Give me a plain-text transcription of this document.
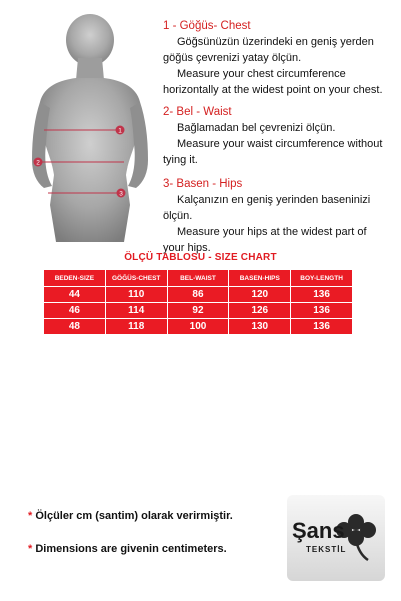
1
2
3
1 - Göğüs- Chest
Göğsünüzün üzerindeki en geniş yerden
göğüs çevrenizi yatay ölçün.
Measure your chest circumference
horizontally at the widest point on your chest.
2- Bel - Waist
Bağlamadan bel çevrenizi ölçün.
Measure your waist circumference without
tying it.
3- Basen - Hips
Kalçanızın en geniş yerinden baseninizi
ölçün.
Measure your hips at the widest part of
your hips.
ÖLÇÜ TABLOSU - SIZE CHART
BEDEN-SIZE	GÖĞÜS-CHEST	BEL-WAIST	BASEN-HIPS	BOY-LENGTH
44	110	86	120	136
46	114	92	126	136
48	118	100	130	136
* Ölçüler cm (santim) olarak verirmiştir.
* Dimensions are givenin centimeters.
Şans
TEKSTİL
